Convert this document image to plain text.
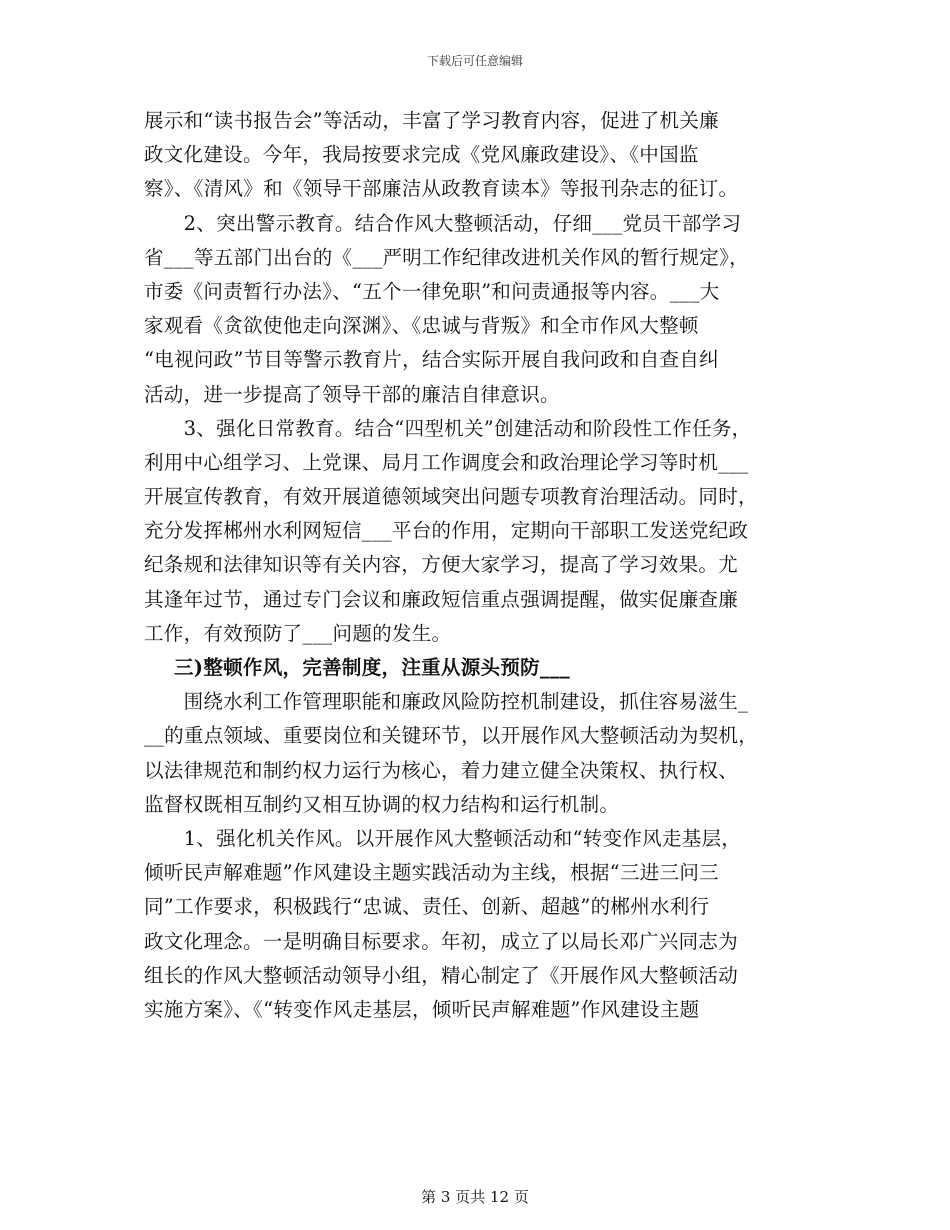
下载后可任意编辑
展示和“读书报告会”等活动，丰富了学习教育内容，促进了机关廉
政文化建设。今年，我局按要求完成《党风廉政建设》、《中国监
察》、《清风》和《领导干部廉洁从政教育读本》等报刊杂志的征订。
　　2、突出警示教育。结合作风大整顿活动，仔细___党员干部学习
省___等五部门出台的《___严明工作纪律改进机关作风的暂行规定》，
市委《问责暂行办法》、“五个一律免职”和问责通报等内容。___大
家观看《贪欲使他走向深渊》、《忠诚与背叛》和全市作风大整顿
“电视问政”节目等警示教育片，结合实际开展自我问政和自查自纠
活动，进一步提高了领导干部的廉洁自律意识。
　　3、强化日常教育。结合“四型机关”创建活动和阶段性工作任务，
利用中心组学习、上党课、局月工作调度会和政治理论学习等时机___
开展宣传教育，有效开展道德领域突出问题专项教育治理活动。同时，
充分发挥郴州水利网短信___平台的作用，定期向干部职工发送党纪政
纪条规和法律知识等有关内容，方便大家学习，提高了学习效果。尤
其逢年过节，通过专门会议和廉政短信重点强调提醒，做实促廉查廉
工作，有效预防了___问题的发生。
三)整顿作风，完善制度，注重从源头预防___
　　围绕水利工作管理职能和廉政风险防控机制建设，抓住容易滋生_
__的重点领域、重要岗位和关键环节，以开展作风大整顿活动为契机，
以法律规范和制约权力运行为核心，着力建立健全决策权、执行权、
监督权既相互制约又相互协调的权力结构和运行机制。
　　1、强化机关作风。以开展作风大整顿活动和“转变作风走基层，
倾听民声解难题”作风建设主题实践活动为主线，根据“三进三问三
同”工作要求，积极践行“忠诚、责任、创新、超越”的郴州水利行
政文化理念。一是明确目标要求。年初，成立了以局长邓广兴同志为
组长的作风大整顿活动领导小组，精心制定了《开展作风大整顿活动
实施方案》、《“转变作风走基层，倾听民声解难题”作风建设主题
第 3 页共 12 页
